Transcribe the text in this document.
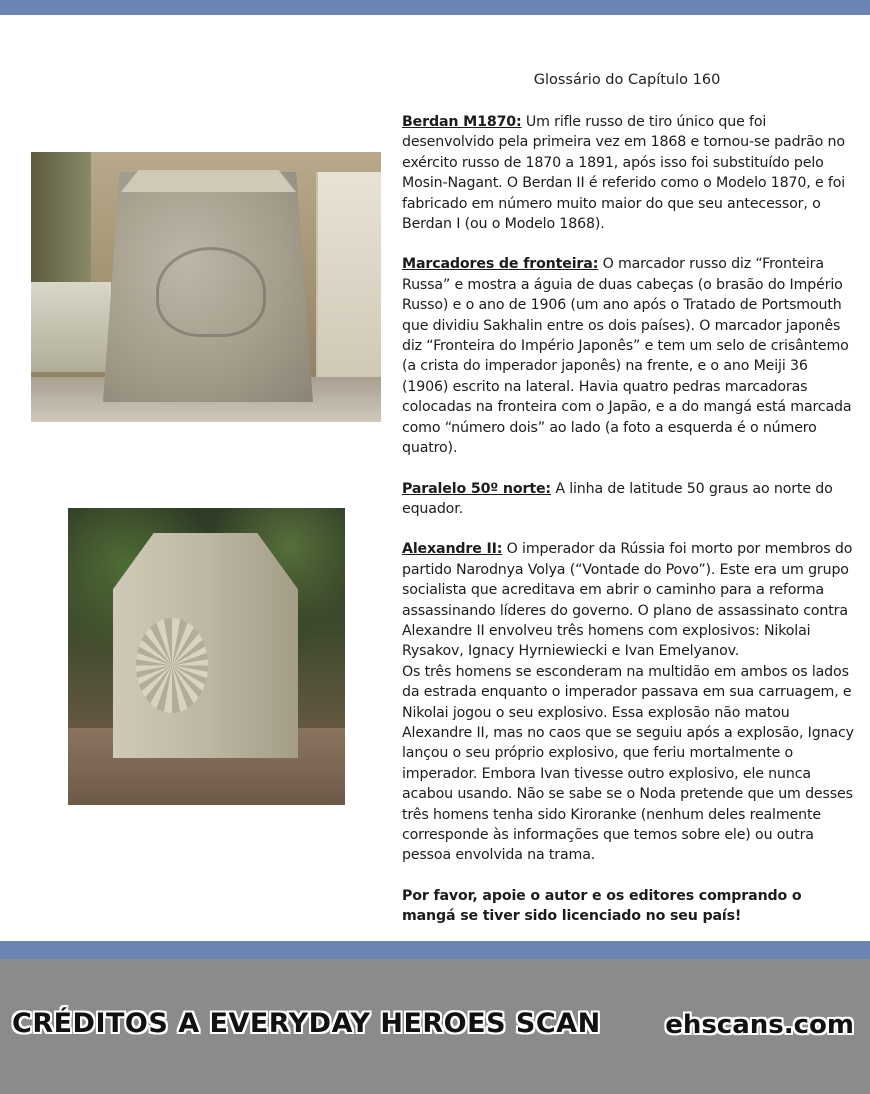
Glossário do Capítulo 160

Berdan M1870: Um rifle russo de tiro único que foi desenvolvido pela primeira vez em 1868 e tornou-se padrão no exército russo de 1870 a 1891, após isso foi substituído pelo Mosin-Nagant. O Berdan II é referido como o Modelo 1870, e foi fabricado em número muito maior do que seu antecessor, o Berdan I (ou o Modelo 1868).

Marcadores de fronteira: O marcador russo diz “Fronteira Russa” e mostra a águia de duas cabeças (o brasão do Império Russo) e o ano de 1906 (um ano após o Tratado de Portsmouth que dividiu Sakhalin entre os dois países). O marcador japonês diz “Fronteira do Império Japonês” e tem um selo de crisântemo (a crista do imperador japonês) na frente, e o ano Meiji 36 (1906) escrito na lateral. Havia quatro pedras marcadoras colocadas na fronteira com o Japão, e a do mangá está marcada como “número dois” ao lado (a foto a esquerda é o número quatro).

Paralelo 50º norte: A linha de latitude 50 graus ao norte do equador.

Alexandre II: O imperador da Rússia foi morto por membros do partido Narodnya Volya (“Vontade do Povo”). Este era um grupo socialista que acreditava em abrir o caminho para a reforma assassinando líderes do governo. O plano de assassinato contra Alexandre II envolveu três homens com explosivos: Nikolai Rysakov, Ignacy Hyrniewiecki e Ivan Emelyanov.
Os três homens se esconderam na multidão em ambos os lados da estrada enquanto o imperador passava em sua carruagem, e Nikolai jogou o seu explosivo. Essa explosão não matou Alexandre II, mas no caos que se seguiu após a explosão, Ignacy lançou o seu próprio explosivo, que feriu mortalmente o imperador. Embora Ivan tivesse outro explosivo, ele nunca acabou usando. Não se sabe se o Noda pretende que um desses três homens tenha sido Kiroranke (nenhum deles realmente corresponde às informações que temos sobre ele) ou outra pessoa envolvida na trama.

Por favor, apoie o autor e os editores comprando o mangá se tiver sido licenciado no seu país!

CRÉDITOS A EVERYDAY HEROES SCAN ehscans.com
